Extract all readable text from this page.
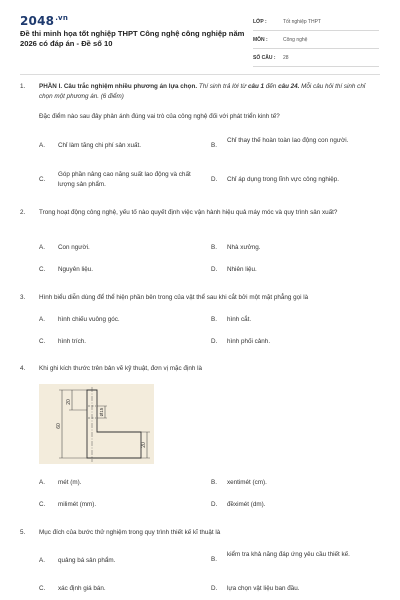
$2048^{.vn}$
Đề thi minh họa tốt nghiệp THPT Công nghệ công nghiệp năm 2026 có đáp án - Đề số 10
LỚP :	Tốt nghiệp THPT
MÔN :	Công nghệ
SỐ CÂU :	28
1.	PHẦN I. Câu trắc nghiệm nhiều phương án lựa chọn. Thí sinh trả lời từ câu 1 đến câu 24. Mỗi câu hỏi thí sinh chỉ chọn một phương án. (6 điểm)
Đặc điểm nào sau đây phản ánh đúng vai trò của công nghệ đối với phát triển kinh tế?
A.	Chỉ làm tăng chi phí sản xuất.	B.
Chỉ thay thế hoàn toàn lao động con người.
C.
Góp phần nâng cao năng suất lao động và chất lượng sản phẩm.
D.	Chỉ áp dụng trong lĩnh vực công nghiệp.
2.	Trong hoạt động công nghệ, yếu tố nào quyết định việc vận hành hiệu quả máy móc và quy trình sản xuất?
A.	Con người.	B.	Nhà xưởng.
C.	Nguyên liệu.	D.	Nhiên liệu.
3.	Hình biểu diễn dùng để thể hiện phần bên trong của vật thể sau khi cắt bởi một mặt phẳng gọi là
A.	hình chiếu vuông góc.	B.	hình cắt.
C.	hình trích.	D.	hình phối cảnh.
4.	Khi ghi kích thước trên bản vẽ kỹ thuật, đơn vị mặc định là
20
60
Ø15
20
A.	mét (m).	B.	xentimét (cm).
C.	milimét (mm).	D.	đềximét (dm).
5.	Mục đích của bước thử nghiệm trong quy trình thiết kế kĩ thuật là
A.	quảng bá sản phẩm.	B.
kiểm tra khả năng đáp ứng yêu cầu thiết kế.
C.	xác định giá bán.	D.	lựa chọn vật liệu ban đầu.
